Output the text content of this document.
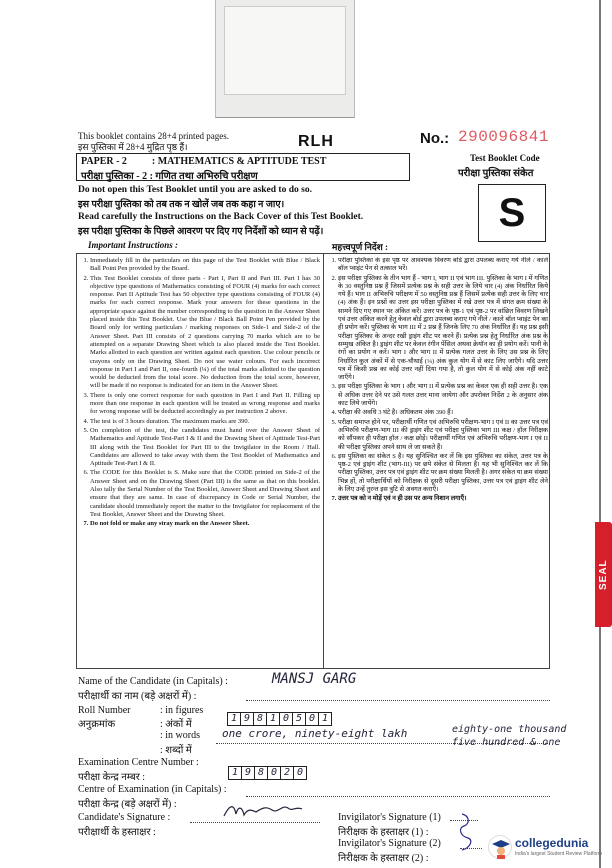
SEAL
This booklet contains 28+4 printed pages.
इस पुस्तिका में 28+4 मुद्रित पृष्ठ हैं।	RLH	No.: 290096841
PAPER - 2          : MATHEMATICS & APTITUDE TEST
परीक्षा पुस्तिका - 2 : गणित तथा अभिरुचि परीक्षण
Test Booklet Code
परीक्षा पुस्तिका संकेत
S
Do not open this Test Booklet until you are asked to do so.
इस परीक्षा पुस्तिका को तब तक न खोलें जब तक कहा न जाए।
Read carefully the Instructions on the Back Cover of this Test Booklet.
इस परीक्षा पुस्तिका के पिछले आवरण पर दिए गए निर्देशों को ध्यान से पढ़ें।
Important Instructions :	महत्त्वपूर्ण निर्देश :
1. Immediately fill in the particulars on this page of the Test Booklet with Blue / Black Ball Point Pen provided by the Board.
2. This Test Booklet consists of three parts - Part I, Part II and Part III. Part I has 30 objective type questions of Mathematics consisting of FOUR (4) marks for each correct response. Part II Aptitude Test has 50 objective type questions consisting of FOUR (4) marks for each correct response. Mark your answers for these questions in the appropriate space against the number corresponding to the question in the Answer Sheet placed inside this Test Booklet. Use the Blue / Black Ball Point Pen provided by the Board only for writing particulars / marking responses on Side-1 and Side-2 of the Answer Sheet. Part III consists of 2 questions carrying 70 marks which are to be attempted on a separate Drawing Sheet which is also placed inside the Test Booklet. Marks allotted to each question are written against each question. Use colour pencils or crayons only on the Drawing Sheet. Do not use water colours. For each incorrect response in Part I and Part II, one-fourth (¼) of the total marks allotted to the question would be deducted from the total score. No deduction from the total score, however, will be made if no response is indicated for an item in the Answer Sheet.
3. There is only one correct response for each question in Part I and Part II. Filling up more than one response in each question will be treated as wrong response and marks for wrong response will be deducted accordingly as per instruction 2 above.
4. The test is of 3 hours duration. The maximum marks are 390.
5. On completion of the test, the candidates must hand over the Answer Sheet of Mathematics and Aptitude Test-Part I & II and the Drawing Sheet of Aptitude Test-Part III along with the Test Booklet for Part III to the Invigilator in the Room / Hall. Candidates are allowed to take away with them the Test Booklet of Mathematics and Aptitude Test-Part I & II.
6. The CODE for this Booklet is S. Make sure that the CODE printed on Side-2 of the Answer Sheet and on the Drawing Sheet (Part III) is the same as that on this booklet. Also tally the Serial Number of the Test Booklet, Answer Sheet and Drawing Sheet and ensure that they are same. In case of discrepancy in Code or Serial Number, the candidate should immediately report the matter to the Invigilator for replacement of the Test Booklet, Answer Sheet and the Drawing Sheet.
7. Do not fold or make any stray mark on the Answer Sheet.
1. परीक्षा पुस्तिका के इस पृष्ठ पर आवश्यक विवरण बोर्ड द्वारा उपलब्ध कराए गये नीले / काले बॉल प्वाइंट पेन से तत्काल भरें।
2. इस परीक्षा पुस्तिका के तीन भाग हैं - भाग I, भाग II एवं भाग III. पुस्तिका के भाग I में गणित के 30 वस्तुनिष्ठ प्रश्न हैं जिसमें प्रत्येक प्रश्न के सही उत्तर के लिये चार (4) अंक निर्धारित किये गये हैं। भाग II अभिरुचि परीक्षण में 50 वस्तुनिष्ठ प्रश्न हैं जिसमें प्रत्येक सही उत्तर के लिए चार (4) अंक हैं। इन प्रश्नों का उत्तर इस परीक्षा पुस्तिका में रखे उत्तर पत्र में संगत क्रम संख्या के सामने दिए गए स्थान पर अंकित करें। उत्तर पत्र के पृष्ठ-1 एवं पृष्ठ-2 पर वांछित विवरण लिखने एवं उत्तर अंकित करने हेतु केवल बोर्ड द्वारा उपलब्ध कराए गये नीले / काले बॉल प्वाइंट पेन का ही प्रयोग करें। पुस्तिका के भाग III में 2 प्रश्न हैं जिनके लिए 70 अंक निर्धारित हैं। यह प्रश्न इसी परीक्षा पुस्तिका के अन्दर रखी ड्राइंग शीट पर करने हैं। प्रत्येक प्रश्न हेतु निर्धारित अंक प्रश्न के सम्मुख अंकित है। ड्राइंग शीट पर केवल रंगीन पेंसिल अथवा क्रेयॉन का ही प्रयोग करें। पानी के रंगों का प्रयोग न करें। भाग I और भाग II में प्रत्येक गलत उत्तर के लिए उस प्रश्न के लिए निर्धारित कुल अंकों में से एक-चौथाई (¼) अंक कुल योग में से काट लिए जाएँगे। यदि उत्तर पत्र में किसी प्रश्न का कोई उत्तर नहीं दिया गया है, तो कुल योग में से कोई अंक नहीं काटे जाएँगे।
3. इस परीक्षा पुस्तिका के भाग I और भाग II में प्रत्येक प्रश्न का केवल एक ही सही उत्तर है। एक से अधिक उत्तर देने पर उसे गलत उत्तर माना जायेगा और उपरोक्त निर्देश 2 के अनुसार अंक काट लिये जायेंगे।
4. परीक्षा की अवधि 3 घंटे है। अधिकतम अंक 390 हैं।
5. परीक्षा समाप्त होने पर, परीक्षार्थी गणित एवं अभिरुचि परीक्षण-भाग I एवं II का उत्तर पत्र एवं अभिरुचि परीक्षण-भाग III की ड्राइंग शीट एवं परीक्षा पुस्तिका भाग III कक्ष / हॉल निरीक्षक को सौंपकर ही परीक्षा हॉल / कक्ष छोड़ें। परीक्षार्थी गणित एवं अभिरुचि परीक्षण-भाग I एवं II की परीक्षा पुस्तिका अपने साथ ले जा सकते हैं।
6. इस पुस्तिका का संकेत S है। यह सुनिश्चित कर लें कि इस पुस्तिका का संकेत, उत्तर पत्र के पृष्ठ-2 एवं ड्राइंग शीट (भाग-III) पर छपे संकेत से मिलता है। यह भी सुनिश्चित कर लें कि परीक्षा पुस्तिका, उत्तर पत्र एवं ड्राइंग शीट पर क्रम संख्या मिलती है। अगर संकेत या क्रम संख्या भिन्न हों, तो परीक्षार्थियों को निरीक्षक से दूसरी परीक्षा पुस्तिका, उत्तर पत्र एवं ड्राइंग शीट लेने के लिए उन्हें तुरन्त इस त्रुटि से अवगत कराएँ।
7. उत्तर पत्र को न मोड़ें एवं न ही उस पर अन्य निशान लगाएँ।
Name of the Candidate (in Capitals) :
परीक्षार्थी का नाम (बड़े अक्षरों में) :
MANSJ GARG
Roll Number
अनुक्रमांक
: in figures
: अंकों में
1 9 8 1 0 5 0 1
: in words
: शब्दों में
one crore, ninety-eight lakh	eighty-one thousand
five hundred & one
Examination Centre Number :
परीक्षा केन्द्र नम्बर :	1 9 8 0 2 0
Centre of Examination (in Capitals) :
परीक्षा केन्द्र (बड़े अक्षरों में) :
Candidate's Signature :
परीक्षार्थी के हस्ताक्षर :
Invigilator's Signature (1)
निरीक्षक के हस्ताक्षर (1) :
Invigilator's Signature (2)
निरीक्षक के हस्ताक्षर (2) :
collegedunia
India's largest Student Review Platform
